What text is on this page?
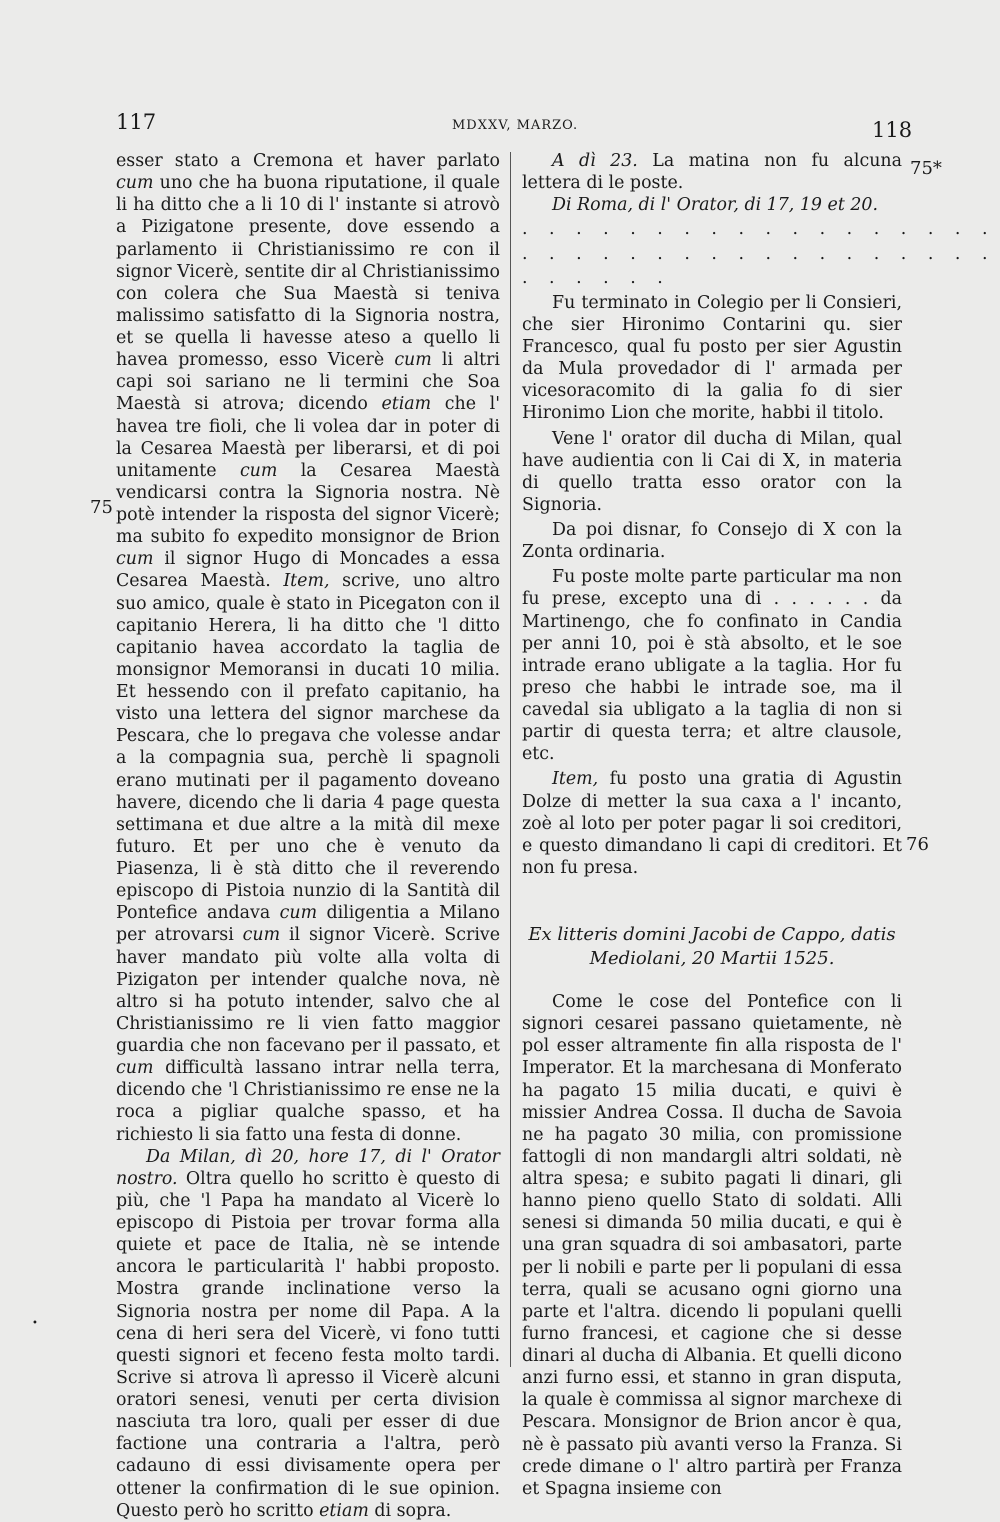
117	MDXXV, MARZO.	118
75
75*
76
•

esser stato a Cremona et haver parlato cum uno che ha buona riputatione, il quale li ha ditto che a li 10 di l' instante si atrovò a Pizigatone presente, dove essendo a parlamento ii Christianissimo re con il signor Vicerè, sentite dir al Christianissimo con colera che Sua Maestà si teniva malissimo satisfatto di la Signoria nostra, et se quella li havesse ateso a quello li havea promesso, esso Vicerè cum li altri capi soi sariano ne li termini che Soa Maestà si atrova; dicendo etiam che l' havea tre fioli, che li volea dar in poter di la Cesarea Maestà per liberarsi, et di poi unitamente cum la Cesarea Maestà vendicarsi contra la Signoria nostra. Nè potè intender la risposta del signor Vicerè; ma subito fo expedito monsignor de Brion cum il signor Hugo di Moncades a essa Cesarea Maestà. Item, scrive, uno altro suo amico, quale è stato in Picegaton con il capitanio Herera, li ha ditto che 'l ditto capitanio havea accordato la taglia de monsignor Memoransi in ducati 10 milia. Et hessendo con il prefato capitanio, ha visto una lettera del signor marchese da Pescara, che lo pregava che volesse andar a la compagnia sua, perchè li spagnoli erano mutinati per il pagamento doveano havere, dicendo che li daria 4 page questa settimana et due altre a la mità dil mexe futuro. Et per uno che è venuto da Piasenza, li è stà ditto che il reverendo episcopo di Pistoia nunzio di la Santità dil Pontefice andava cum diligentia a Milano per atrovarsi cum il signor Vicerè. Scrive haver mandato più volte alla volta di Pizigaton per intender qualche nova, nè altro si ha potuto intender, salvo che al Christianissimo re li vien fatto maggior guardia che non facevano per il passato, et cum difficultà lassano intrar nella terra, dicendo che 'l Christianissimo re ense ne la roca a pigliar qualche spasso, et ha richiesto li sia fatto una festa di donne.

Da Milan, dì 20, hore 17, di l' Orator nostro. Oltra quello ho scritto è questo di più, che 'l Papa ha mandato al Vicerè lo episcopo di Pistoia per trovar forma alla quiete et pace de Italia, nè se intende ancora le particularità l' habbi proposto. Mostra grande inclinatione verso la Signoria nostra per nome dil Papa. A la cena di heri sera del Vicerè, vi fono tutti questi signori et feceno festa molto tardi. Scrive si atrova lì apresso il Vicerè alcuni oratori senesi, venuti per certa division nasciuta tra loro, quali per esser di due factione una contraria a l'altra, però cadauno di essi divisamente opera per ottener la confirmation di le sue opinion. Questo però ho scritto etiam di sopra.

A dì 23. La matina non fu alcuna lettera di le poste.

Di Roma, di l' Orator, di 17, 19 et 20.

. . . . . . . . . . . . . . . . . .

. . . . . . . . . . . . . . . . . .

. . . . . .

Fu terminato in Colegio per li Consieri, che sier Hironimo Contarini qu. sier Francesco, qual fu posto per sier Agustin da Mula provedador di l' armada per vicesoracomito di la galia fo di sier Hironimo Lion che morite, habbi il titolo.

Vene l' orator dil ducha di Milan, qual have audientia con li Cai di X, in materia di quello tratta esso orator con la Signoria.

Da poi disnar, fo Consejo di X con la Zonta ordinaria.

Fu poste molte parte particular ma non fu prese, excepto una di . . . . . . da Martinengo, che fo confinato in Candia per anni 10, poi è stà absolto, et le soe intrade erano ubligate a la taglia. Hor fu preso che habbi le intrade soe, ma il cavedal sia ubligato a la taglia di non si partir di questa terra; et altre clausole, etc.

Item, fu posto una gratia di Agustin Dolze di metter la sua caxa a l' incanto, zoè al loto per poter pagar li soi creditori, e questo dimandano li capi di creditori. Et non fu presa.

Ex litteris domini Jacobi de Cappo, datis
Mediolani, 20 Martii 1525.

Come le cose del Pontefice con li signori cesarei passano quietamente, nè pol esser altramente fin alla risposta de l' Imperator. Et la marchesana di Monferato ha pagato 15 milia ducati, e quivi è missier Andrea Cossa. Il ducha de Savoia ne ha pagato 30 milia, con promissione fattogli di non mandargli altri soldati, nè altra spesa; e subito pagati li dinari, gli hanno pieno quello Stato di soldati. Alli senesi si dimanda 50 milia ducati, e qui è una gran squadra di soi ambasatori, parte per li nobili e parte per li populani di essa terra, quali se acusano ogni giorno una parte et l'altra. dicendo li populani quelli furno francesi, et cagione che si desse dinari al ducha di Albania. Et quelli dicono anzi furno essi, et stanno in gran disputa, la quale è commissa al signor marchexe di Pescara. Monsignor de Brion ancor è qua, nè è passato più avanti verso la Franza. Si crede dimane o l' altro partirà per Franza et Spagna insieme con
